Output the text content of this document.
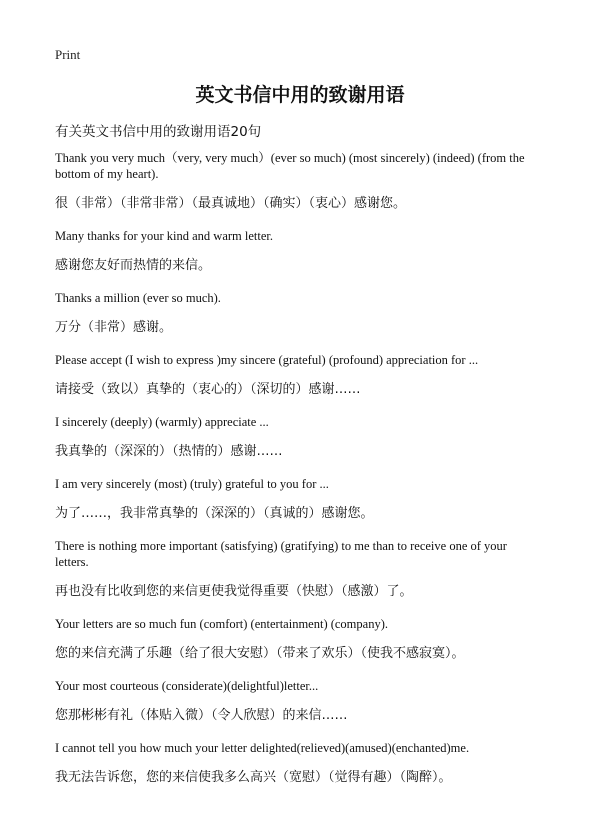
Print
英文书信中用的致谢用语
有关英文书信中用的致谢用语20句

Thank you very much（very, very much）(ever so much) (most sincerely) (indeed) (from the bottom of my heart).

很（非常）（非常非常）（最真诚地）（确实）（衷心）感谢您。

Many thanks for your kind and warm letter.

感谢您友好而热情的来信。

Thanks a million (ever so much).

万分（非常）感谢。

Please accept (I wish to express )my sincere (grateful) (profound) appreciation for ...

请接受（致以）真挚的（衷心的）（深切的）感谢……

I sincerely (deeply) (warmly) appreciate ...

我真挚的（深深的）（热情的）感谢……

I am very sincerely (most) (truly) grateful to you for ...

为了……，我非常真挚的（深深的）（真诚的）感谢您。

There is nothing more important (satisfying) (gratifying) to me than to receive one of your letters.

再也没有比收到您的来信更使我觉得重要（快慰）（感激）了。

Your letters are so much fun (comfort) (entertainment) (company).

您的来信充满了乐趣（给了很大安慰）（带来了欢乐）（使我不感寂寞）。

Your most courteous (considerate)(delightful)letter...

您那彬彬有礼（体贴入微）（令人欣慰）的来信……

I cannot tell you how much your letter delighted(relieved)(amused)(enchanted)me.

我无法告诉您，您的来信使我多么高兴（宽慰）（觉得有趣）（陶醉）。
